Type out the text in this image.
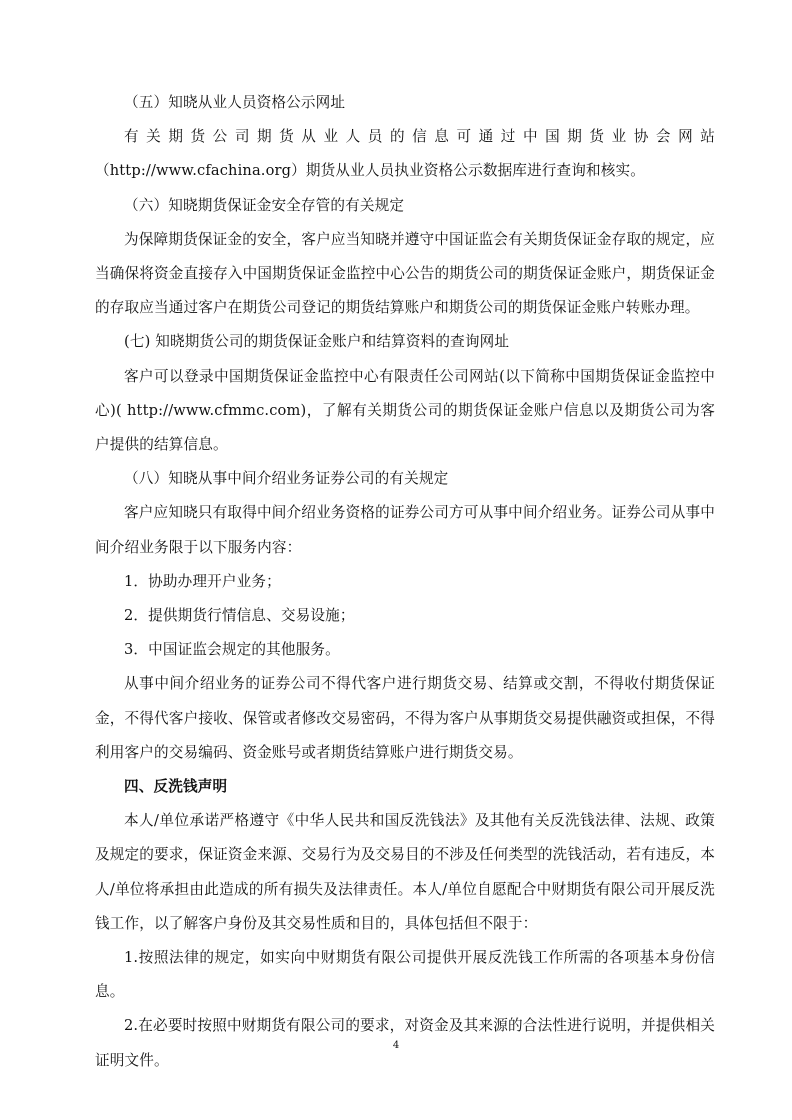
（五）知晓从业人员资格公示网址

有关期货公司期货从业人员的信息可通过中国期货业协会网站（http://www.cfachina.org）期货从业人员执业资格公示数据库进行查询和核实。

（六）知晓期货保证金安全存管的有关规定

为保障期货保证金的安全，客户应当知晓并遵守中国证监会有关期货保证金存取的规定，应当确保将资金直接存入中国期货保证金监控中心公告的期货公司的期货保证金账户，期货保证金的存取应当通过客户在期货公司登记的期货结算账户和期货公司的期货保证金账户转账办理。

(七) 知晓期货公司的期货保证金账户和结算资料的查询网址

客户可以登录中国期货保证金监控中心有限责任公司网站(以下简称中国期货保证金监控中心)( http://www.cfmmc.com)，了解有关期货公司的期货保证金账户信息以及期货公司为客户提供的结算信息。

（八）知晓从事中间介绍业务证券公司的有关规定

客户应知晓只有取得中间介绍业务资格的证券公司方可从事中间介绍业务。证券公司从事中间介绍业务限于以下服务内容：

1．协助办理开户业务；

2．提供期货行情信息、交易设施；

3．中国证监会规定的其他服务。

从事中间介绍业务的证券公司不得代客户进行期货交易、结算或交割，不得收付期货保证金，不得代客户接收、保管或者修改交易密码，不得为客户从事期货交易提供融资或担保，不得利用客户的交易编码、资金账号或者期货结算账户进行期货交易。

四、反洗钱声明

本人/单位承诺严格遵守《中华人民共和国反洗钱法》及其他有关反洗钱法律、法规、政策及规定的要求，保证资金来源、交易行为及交易目的不涉及任何类型的洗钱活动，若有违反，本人/单位将承担由此造成的所有损失及法律责任。本人/单位自愿配合中财期货有限公司开展反洗钱工作，以了解客户身份及其交易性质和目的，具体包括但不限于：

1.按照法律的规定，如实向中财期货有限公司提供开展反洗钱工作所需的各项基本身份信息。

2.在必要时按照中财期货有限公司的要求，对资金及其来源的合法性进行说明，并提供相关证明文件。

4
